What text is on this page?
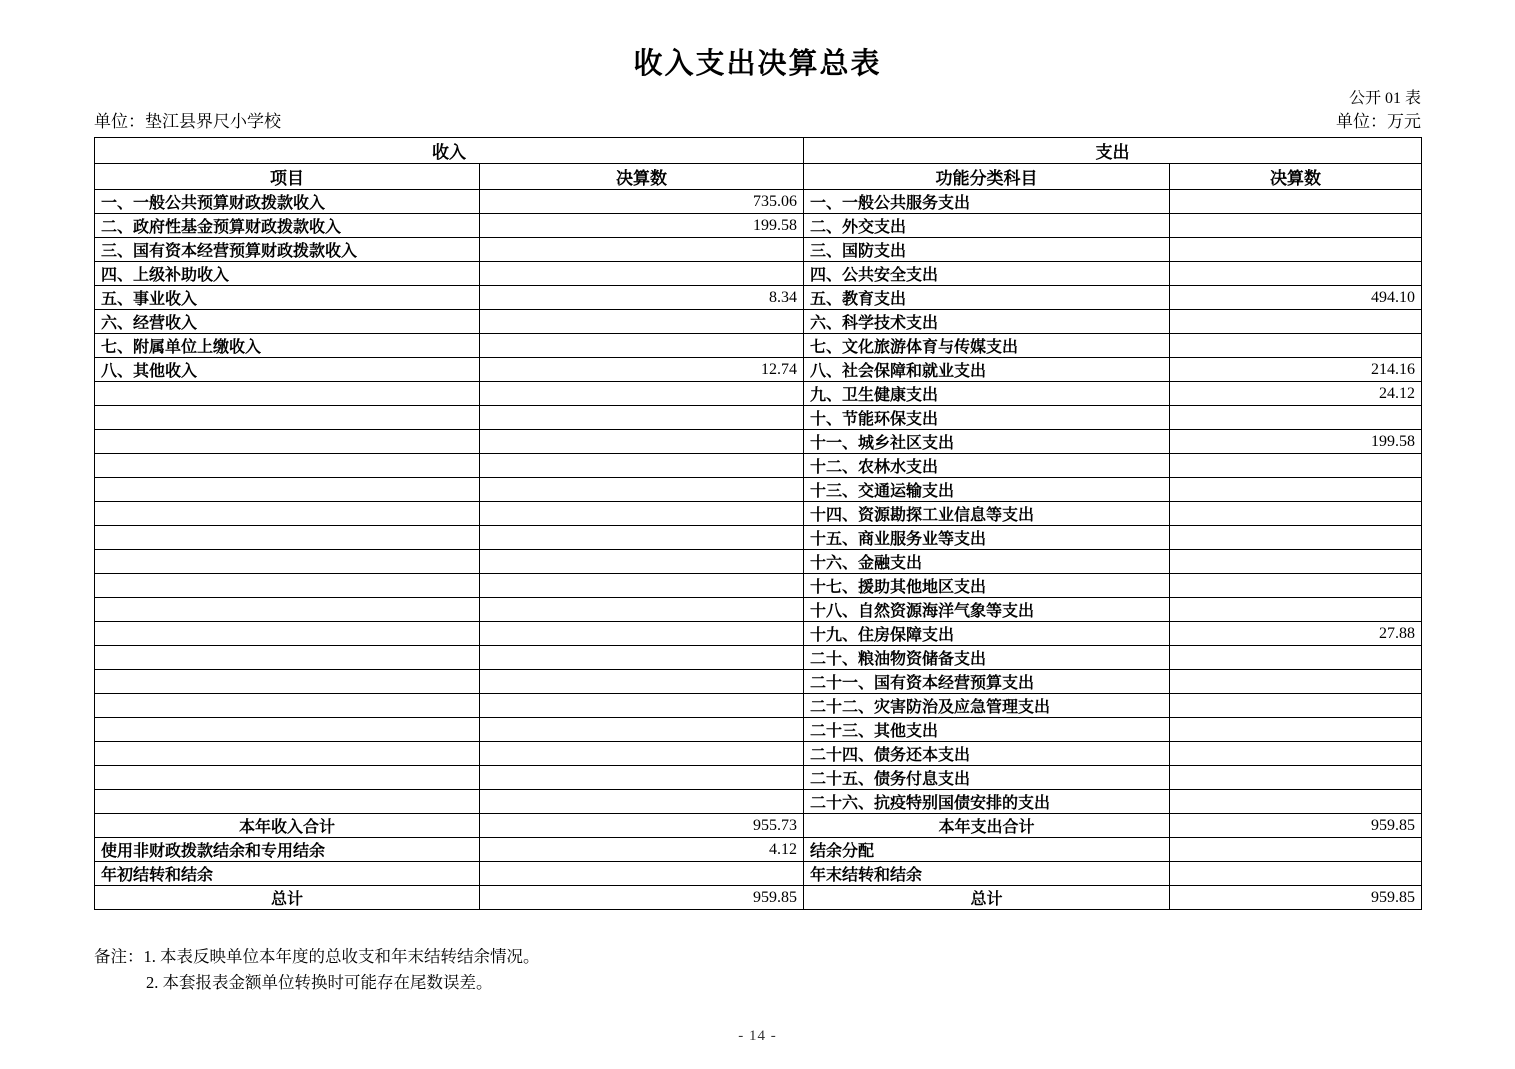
收入支出决算总表
公开 01 表
单位：垫江县界尺小学校	单位：万元
收入		支出	
项目	决算数	功能分类科目	决算数
一、一般公共预算财政拨款收入	735.06	一、一般公共服务支出	
二、政府性基金预算财政拨款收入	199.58	二、外交支出	
三、国有资本经营预算财政拨款收入		三、国防支出	
四、上级补助收入		四、公共安全支出	
五、事业收入	8.34	五、教育支出	494.10
六、经营收入		六、科学技术支出	
七、附属单位上缴收入		七、文化旅游体育与传媒支出	
八、其他收入	12.74	八、社会保障和就业支出	214.16
		九、卫生健康支出	24.12
		十、节能环保支出	
		十一、城乡社区支出	199.58
		十二、农林水支出	
		十三、交通运输支出	
		十四、资源勘探工业信息等支出	
		十五、商业服务业等支出	
		十六、金融支出	
		十七、援助其他地区支出	
		十八、自然资源海洋气象等支出	
		十九、住房保障支出	27.88
		二十、粮油物资储备支出	
		二十一、国有资本经营预算支出	
		二十二、灾害防治及应急管理支出	
		二十三、其他支出	
		二十四、债务还本支出	
		二十五、债务付息支出	
		二十六、抗疫特别国债安排的支出	
本年收入合计	955.73	本年支出合计	959.85
使用非财政拨款结余和专用结余	4.12	结余分配	
年初结转和结余		年末结转和结余	
总计	959.85	总计	959.85
备注：1. 本表反映单位本年度的总收支和年末结转结余情况。
2. 本套报表金额单位转换时可能存在尾数误差。
- 14 -
